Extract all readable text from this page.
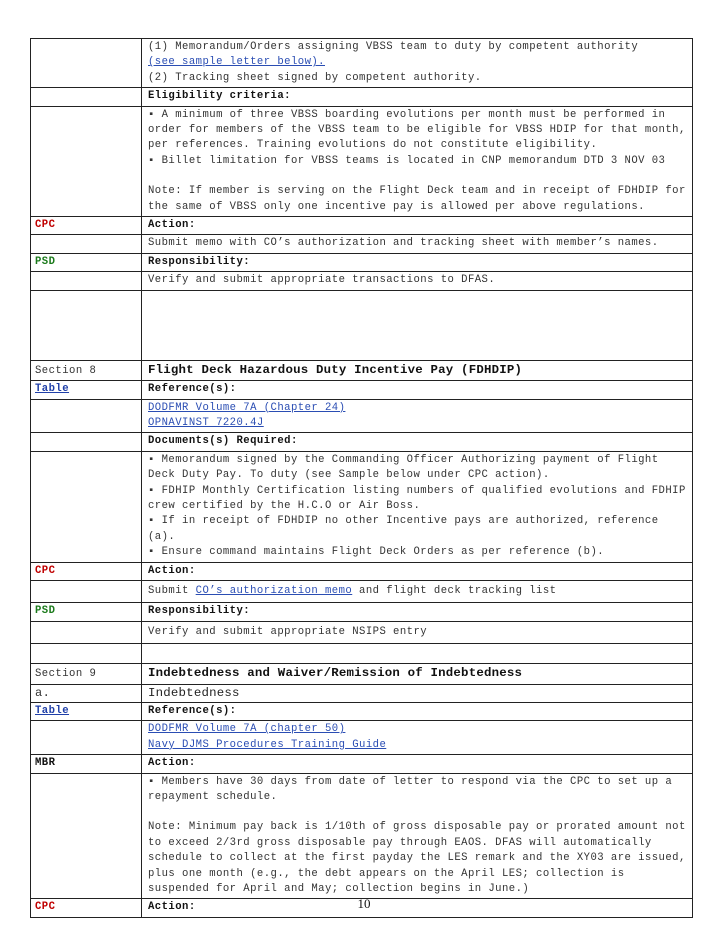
	(1) Memorandum/Orders assigning VBSS team to duty by competent authority
(see sample letter below).
(2) Tracking sheet signed by competent authority.

	Eligibility criteria:

	▪ A minimum of three VBSS boarding evolutions per month must be performed in order for members of the VBSS team to be eligible for VBSS HDIP for that month, per references. Training evolutions do not constitute eligibility.
▪ Billet limitation for VBSS teams is located in CNP memorandum DTD 3 NOV 03
Note: If member is serving on the Flight Deck team and in receipt of FDHDIP for the same of VBSS only one incentive pay is allowed per above regulations.

CPC	Action:
	Submit memo with CO’s authorization and tracking sheet with member’s names.
PSD	Responsibility:
	Verify and submit appropriate transactions to DFAS.

Section 8	Flight Deck Hazardous Duty Incentive Pay (FDHDIP)
Table	Reference(s):

	DODFMR Volume 7A (Chapter 24)
OPNAVINST 7220.4J

	Documents(s) Required:

	▪ Memorandum signed by the Commanding Officer Authorizing payment of Flight Deck Duty Pay. To duty (see Sample below under CPC action).
▪ FDHIP Monthly Certification listing numbers of qualified evolutions and FDHIP crew certified by the H.C.O or Air Boss.
▪ If in receipt of FDHDIP no other Incentive pays are authorized, reference (a).
▪ Ensure command maintains Flight Deck Orders as per reference (b).

CPC	Action:
	Submit CO’s authorization memo and flight deck tracking list
PSD	Responsibility:
	Verify and submit appropriate NSIPS entry

Section 9	Indebtedness and Waiver/Remission of Indebtedness
a.	Indebtedness
Table	Reference(s):

	DODFMR Volume 7A (chapter 50)
Navy DJMS Procedures Training Guide

MBR	Action:

	▪ Members have 30 days from date of letter to respond via the CPC to set up a repayment schedule.
Note: Minimum pay back is 1/10th of gross disposable pay or prorated amount not to exceed 2/3rd gross disposable pay through EAOS. DFAS will automatically schedule to collect at the first payday the LES remark and the XY03 are issued, plus one month (e.g., the debt appears on the April LES; collection is suspended for April and May; collection begins in June.)

CPC	Action:	10
